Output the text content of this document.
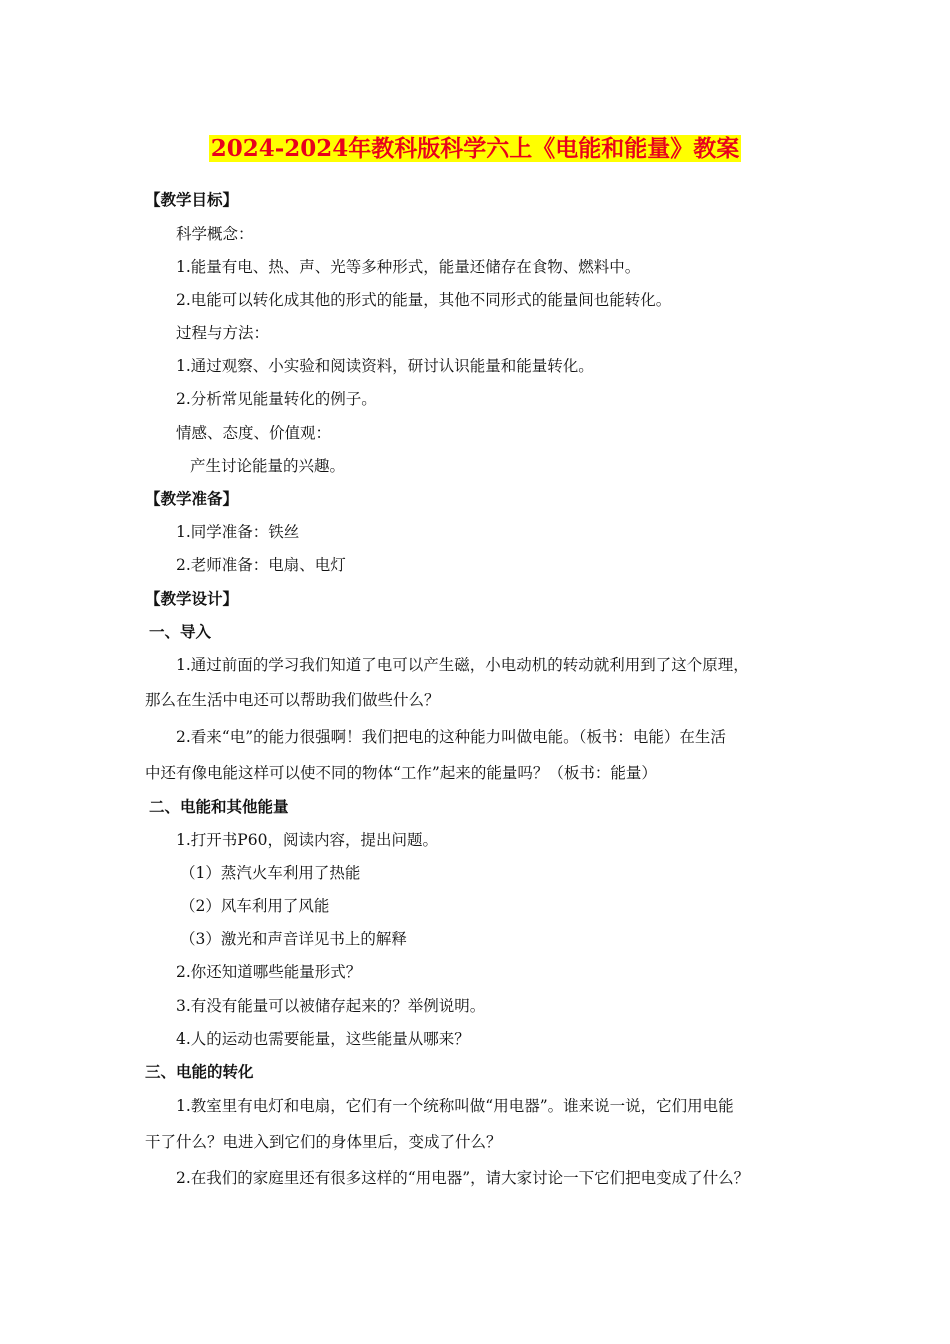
2024-2024年教科版科学六上《电能和能量》教案
【教学目标】
科学概念：
1.能量有电、热、声、光等多种形式，能量还储存在食物、燃料中。
2.电能可以转化成其他的形式的能量，其他不同形式的能量间也能转化。
过程与方法：
1.通过观察、小实验和阅读资料，研讨认识能量和能量转化。
2.分析常见能量转化的例子。
情感、态度、价值观：
产生讨论能量的兴趣。
【教学准备】
1.同学准备：铁丝
2.老师准备：电扇、电灯
【教学设计】
一、导入
1.通过前面的学习我们知道了电可以产生磁，小电动机的转动就利用到了这个原理，
那么在生活中电还可以帮助我们做些什么？
2.看来“电”的能力很强啊！我们把电的这种能力叫做电能。（板书：电能）在生活
中还有像电能这样可以使不同的物体“工作”起来的能量吗？（板书：能量）
二、电能和其他能量
1.打开书P60，阅读内容，提出问题。
（1）蒸汽火车利用了热能
（2）风车利用了风能
（3）激光和声音详见书上的解释
2.你还知道哪些能量形式？
3.有没有能量可以被储存起来的？举例说明。
4.人的运动也需要能量，这些能量从哪来？
三、电能的转化
1.教室里有电灯和电扇，它们有一个统称叫做“用电器”。谁来说一说，它们用电能
干了什么？电进入到它们的身体里后，变成了什么？
2.在我们的家庭里还有很多这样的“用电器”，请大家讨论一下它们把电变成了什么？
